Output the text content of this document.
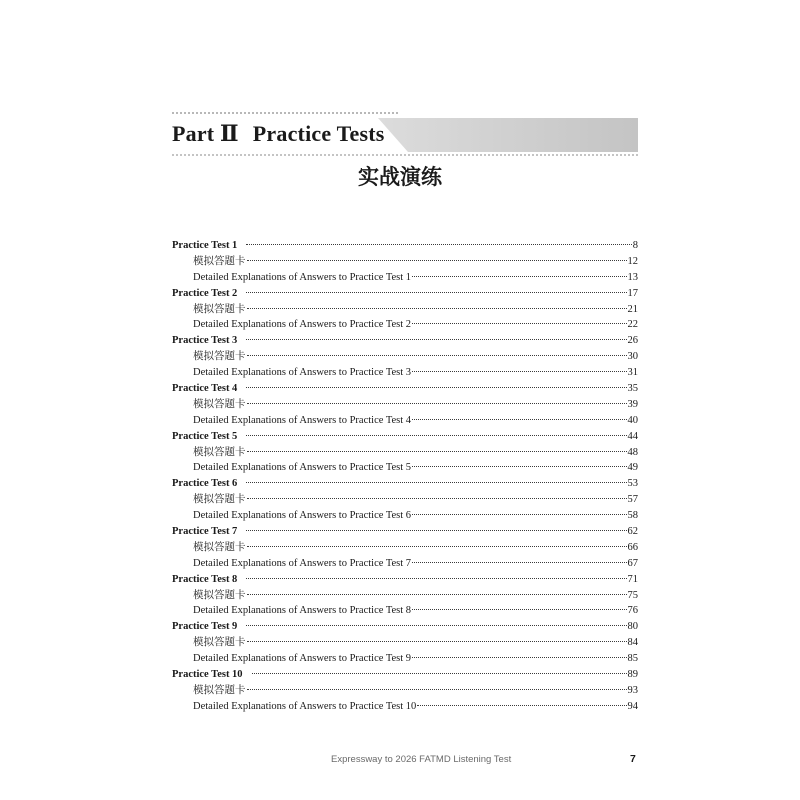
Part Ⅱ Practice Tests
实战演练
Practice Test 1	8
模拟答题卡	12
Detailed Explanations of Answers to Practice Test 1	13
Practice Test 2	17
模拟答题卡	21
Detailed Explanations of Answers to Practice Test 2	22
Practice Test 3	26
模拟答题卡	30
Detailed Explanations of Answers to Practice Test 3	31
Practice Test 4	35
模拟答题卡	39
Detailed Explanations of Answers to Practice Test 4	40
Practice Test 5	44
模拟答题卡	48
Detailed Explanations of Answers to Practice Test 5	49
Practice Test 6	53
模拟答题卡	57
Detailed Explanations of Answers to Practice Test 6	58
Practice Test 7	62
模拟答题卡	66
Detailed Explanations of Answers to Practice Test 7	67
Practice Test 8	71
模拟答题卡	75
Detailed Explanations of Answers to Practice Test 8	76
Practice Test 9	80
模拟答题卡	84
Detailed Explanations of Answers to Practice Test 9	85
Practice Test 10	89
模拟答题卡	93
Detailed Explanations of Answers to Practice Test 10	94
Expressway to 2026 FATMD Listening Test	7
